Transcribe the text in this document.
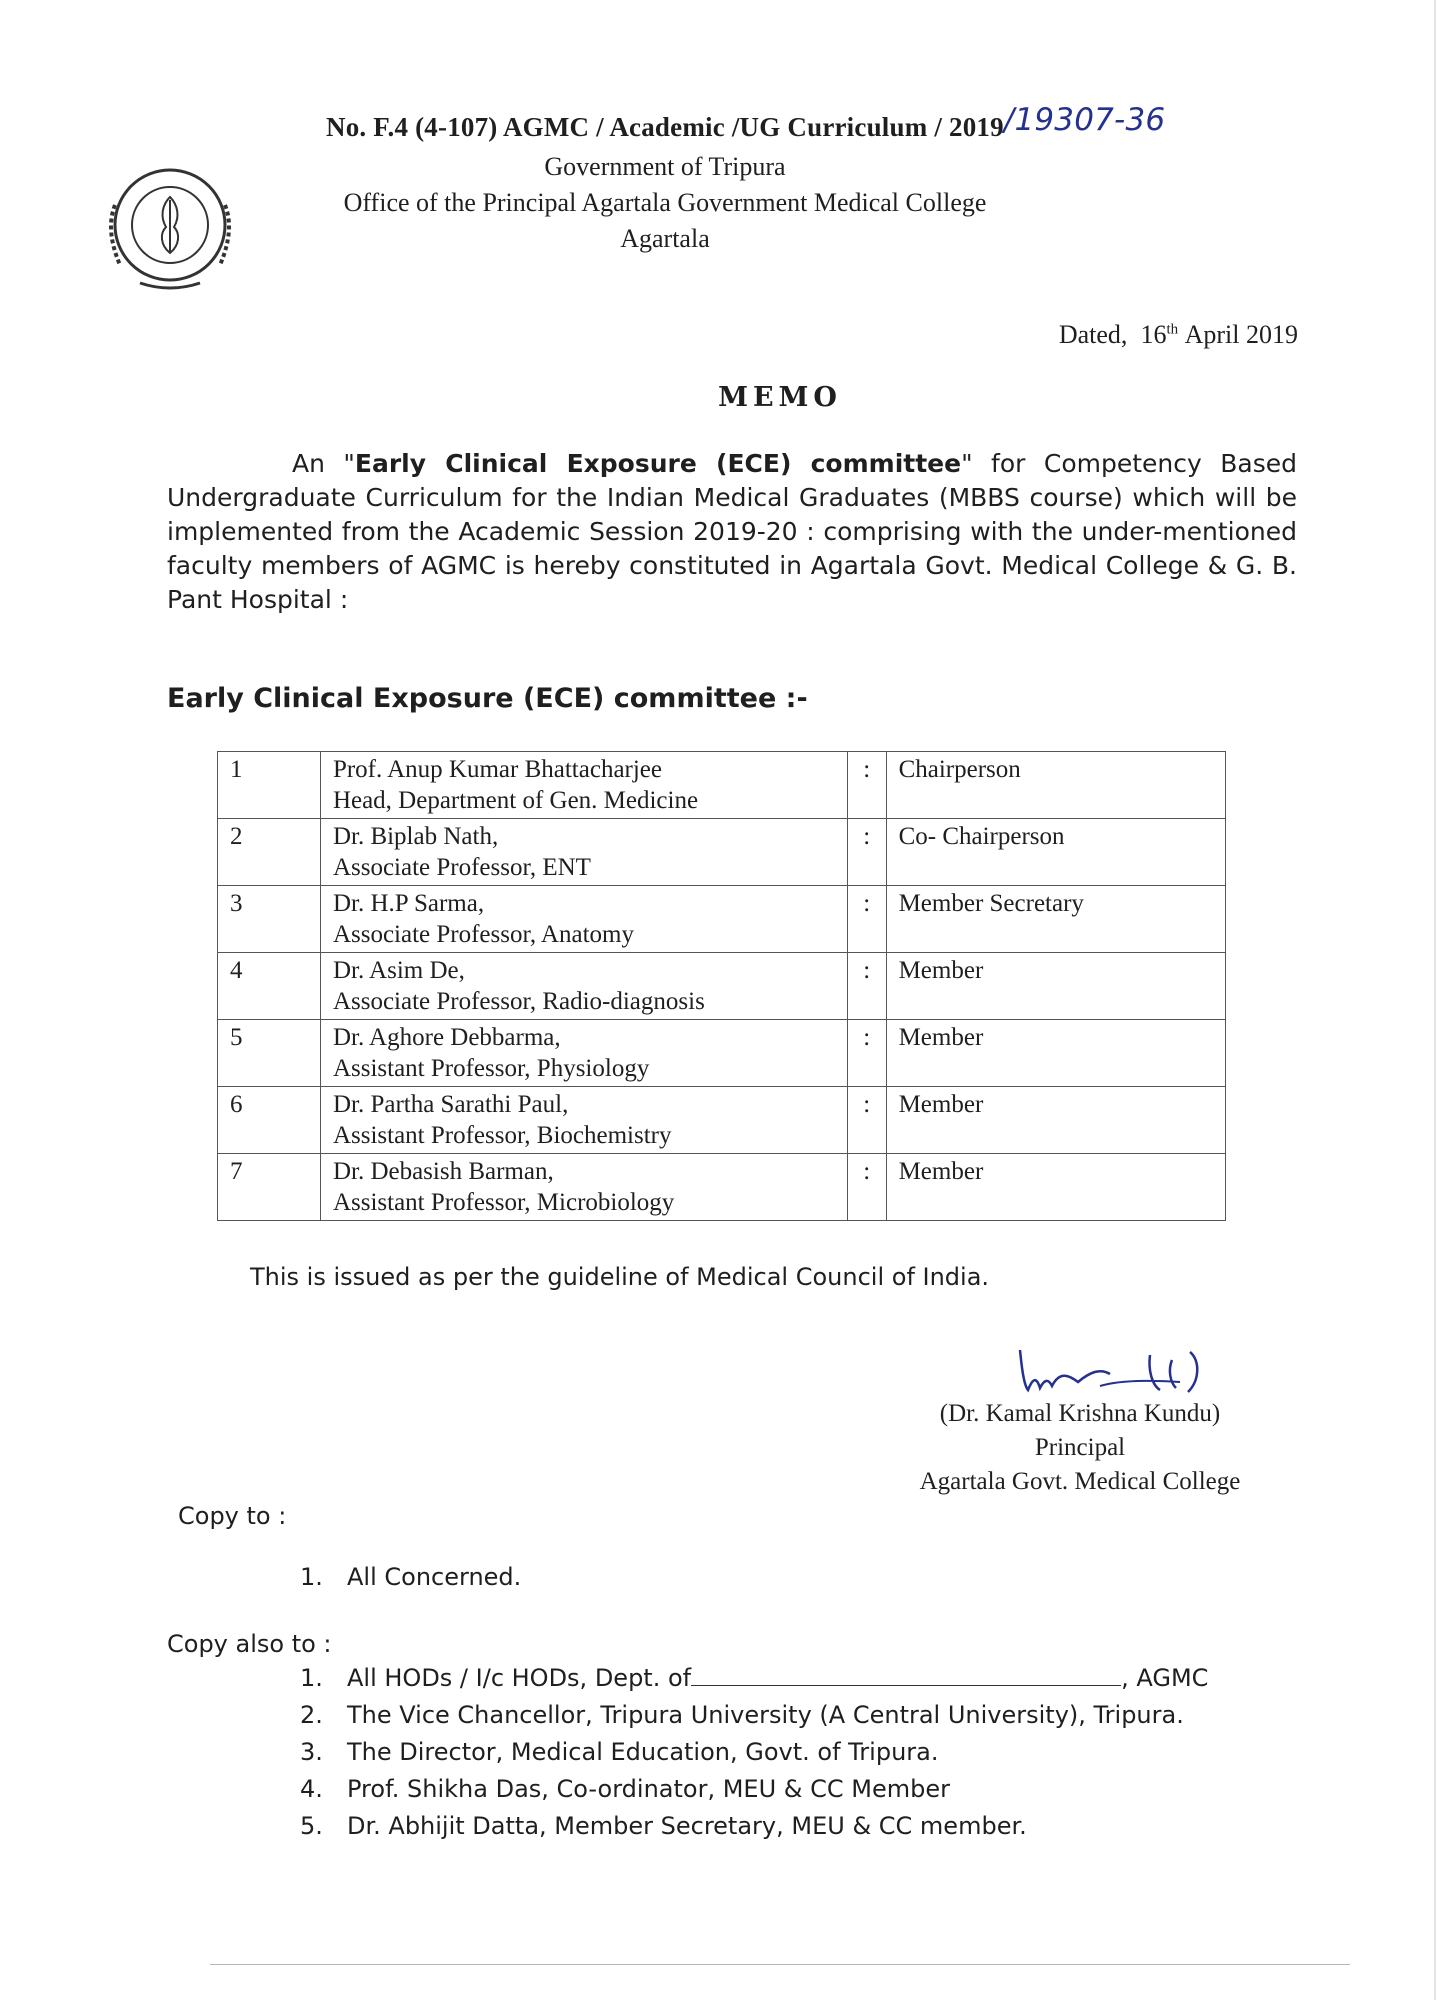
No. F.4 (4-107) AGMC / Academic /UG Curriculum / 2019/19307-36
Government of Tripura
Office of the Principal Agartala Government Medical College
Agartala
Dated, 16th April 2019
MEMO
An "Early Clinical Exposure (ECE) committee" for Competency Based Undergraduate Curriculum for the Indian Medical Graduates (MBBS course) which will be implemented from the Academic Session 2019-20 : comprising with the under-mentioned faculty members of AGMC is hereby constituted in Agartala Govt. Medical College & G. B. Pant Hospital :
Early Clinical Exposure (ECE) committee :-
1	Prof. Anup Kumar Bhattacharjee
Head, Department of Gen. Medicine	:	Chairperson
2	Dr. Biplab Nath,
Associate Professor, ENT	:	Co- Chairperson
3	Dr. H.P Sarma,
Associate Professor, Anatomy	:	Member Secretary
4	Dr. Asim De,
Associate Professor, Radio-diagnosis	:	Member
5	Dr. Aghore Debbarma,
Assistant Professor, Physiology	:	Member
6	Dr. Partha Sarathi Paul,
Assistant Professor, Biochemistry	:	Member
7	Dr. Debasish Barman,
Assistant Professor, Microbiology	:	Member
This is issued as per the guideline of Medical Council of India.
(Dr. Kamal Krishna Kundu)
Principal
Agartala Govt. Medical College
Copy to :
1. All Concerned.
Copy also to :
1. All HODs / I/c HODs, Dept. of	, AGMC
2. The Vice Chancellor, Tripura University (A Central University), Tripura.
3. The Director, Medical Education, Govt. of Tripura.
4. Prof. Shikha Das, Co-ordinator, MEU & CC Member
5. Dr. Abhijit Datta, Member Secretary, MEU & CC member.
